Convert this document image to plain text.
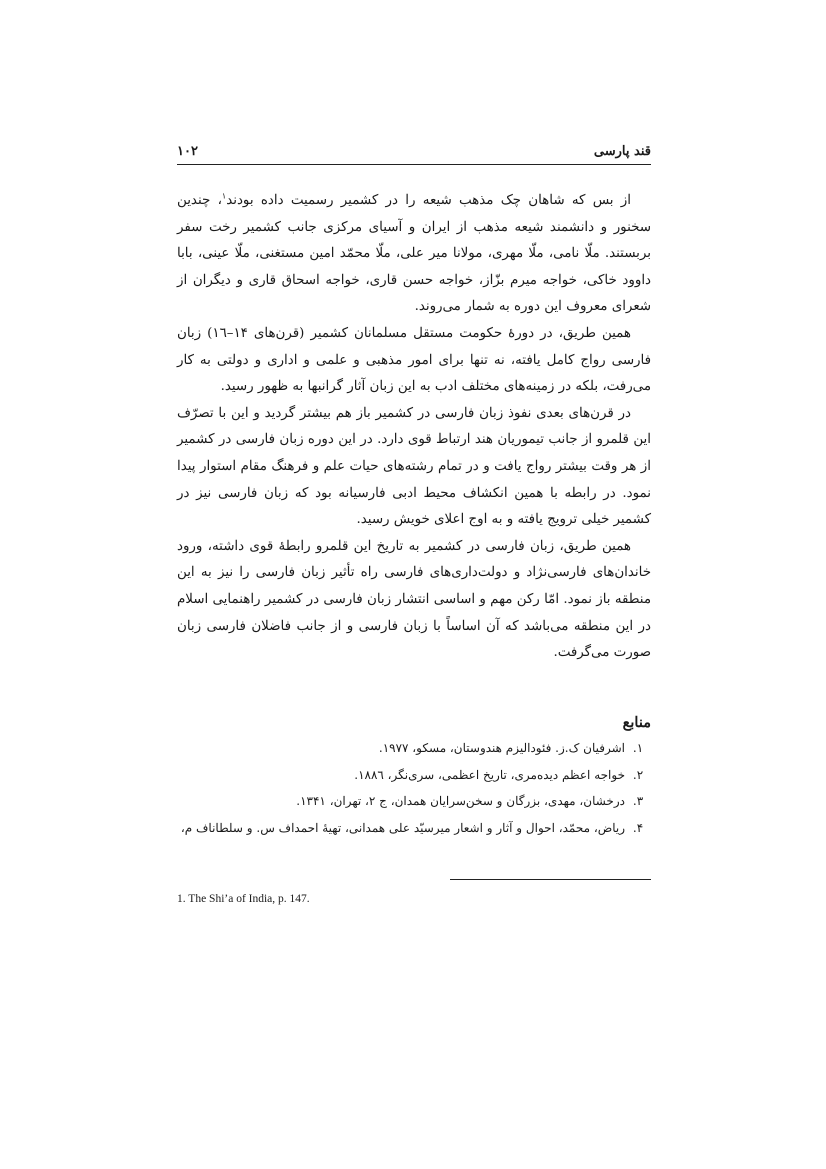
قند پارسی
۱۰۲

از بس که شاهان چک مذهب شیعه را در کشمیر رسمیت داده بودند$^۱$، چندین سخنور و دانشمند شیعه مذهب از ایران و آسیای مرکزی جانب کشمیر رخت سفر بربستند. ملّا نامی، ملّا مهری، مولانا میر علی، ملّا محمّد امین مستغنی، ملّا عینی، بابا داوود خاکی، خواجه میرم بزّاز، خواجه حسن قاری، خواجه اسحاق قاری و دیگران از شعرای معروف این دوره به شمار می‌روند.

همین طریق، در دورهٔ حکومت مستقل مسلمانان کشمیر (قرن‌های ۱۴–۱٦) زبان فارسی رواج کامل یافته، نه تنها برای امور مذهبی و علمی و اداری و دولتی به کار می‌رفت، بلکه در زمینه‌های مختلف ادب به این زبان آثار گرانبها به ظهور رسید.

در قرن‌های بعدی نفوذ زبان فارسی در کشمیر باز هم بیشتر گردید و این با تصرّف این قلمرو از جانب تیموریان هند ارتباط قوی دارد. در این دوره زبان فارسی در کشمیر از هر وقت بیشتر رواج یافت و در تمام رشته‌های حیات علم و فرهنگ مقام استوار پیدا نمود. در رابطه با همین انکشاف محیط ادبی فارسیانه بود که زبان فارسی نیز در کشمیر خیلی ترویج یافته و به اوج اعلای خویش رسید.

همین طریق، زبان فارسی در کشمیر به تاریخ این قلمرو رابطهٔ قوی داشته، ورود خاندان‌های فارسی‌نژاد و دولت‌داری‌های فارسی راه تأثیر زبان فارسی را نیز به این منطقه باز نمود. امّا رکن مهم و اساسی انتشار زبان فارسی در کشمیر راهنمایی اسلام در این منطقه می‌باشد که آن اساساً با زبان فارسی و از جانب فاضلان فارسی زبان صورت می‌گرفت.

منابع
۱.
اشرفیان ک.ز. فئودالیزم هندوستان، مسکو، ۱۹۷۷.
۲.
خواجه اعظم دیده‌مری، تاریخ اعظمی، سری‌نگر، ۱۸۸٦.
۳.
درخشان، مهدی، بزرگان و سخن‌سرایان همدان، ج ۲، تهران، ۱۳۴۱.
۴.
ریاض، محمّد، احوال و آثار و اشعار میرسیّد علی همدانی، تهیهٔ احمداف س. و سلطاناف م،
1. The Shi’a of India, p. 147.
